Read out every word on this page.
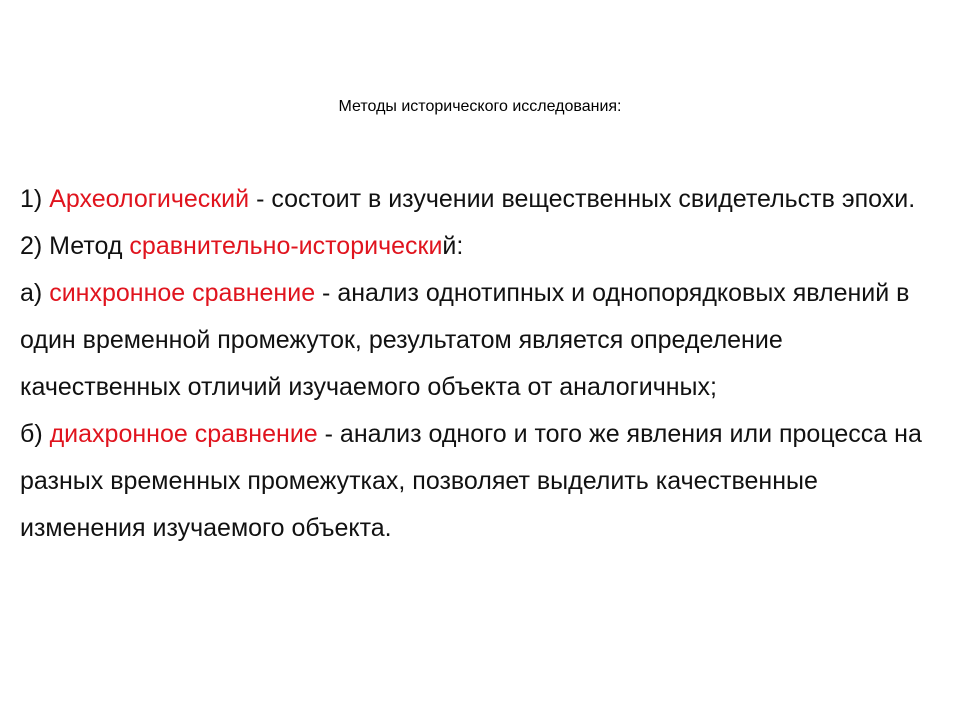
Методы исторического исследования:
1) Археологический - состоит в изучении вещественных свидетельств эпохи.
2) Метод сравнительно-исторический:
а) синхронное сравнение - анализ однотипных и однопорядковых явлений в один временной промежуток, результатом является определение качественных отличий изучаемого объекта от аналогичных;
б) диахронное сравнение - анализ одного и того же явления или процесса на разных временных промежутках, позволяет выделить качественные изменения изучаемого объекта.
